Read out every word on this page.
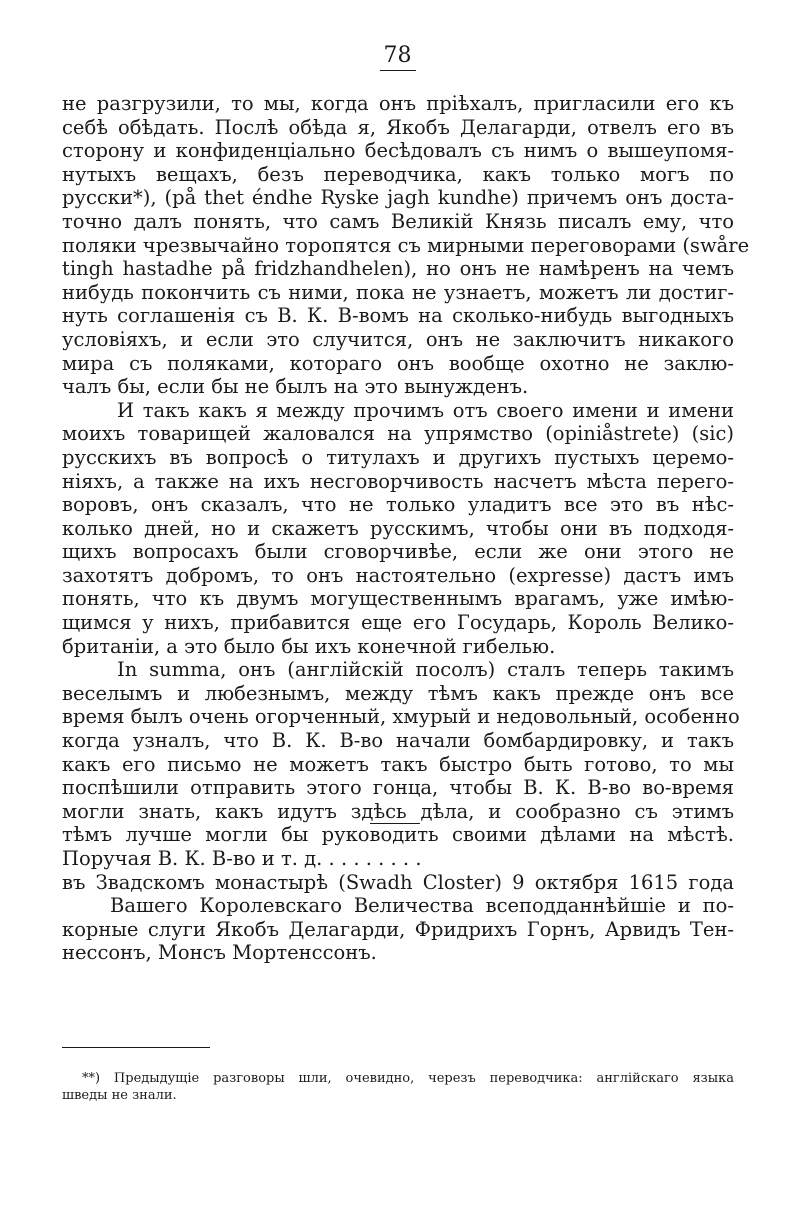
78
не разгрузили, то мы, когда онъ пріѣхалъ, пригласили его къ
себѣ обѣдать. Послѣ обѣда я, Якобъ Делагарди, отвелъ его въ
сторону и конфиденціально бесѣдовалъ съ нимъ о вышеупомя-
нутыхъ вещахъ, безъ переводчика, какъ только могъ по
русски*), (på thet éndhe Ryske jagh kundhe) причемъ онъ доста-
точно далъ понять, что самъ Великій Князь писалъ ему, что
поляки чрезвычайно торопятся съ мирными переговорами (swåre
tingh hastadhe på fridzhandhelen), но онъ не намѣренъ на чемъ
нибудь покончить съ ними, пока не узнаетъ, можетъ ли достиг-
нуть соглашенія съ В. К. В-вомъ на сколько-нибудь выгодныхъ
условіяхъ, и если это случится, онъ не заключитъ никакого
мира съ поляками, котораго онъ вообще охотно не заклю-
чалъ бы, если бы не былъ на это вынужденъ.
И такъ какъ я между прочимъ отъ своего имени и имени
моихъ товарищей жаловался на упрямство (opiniåstrete) (sic)
русскихъ въ вопросѣ о титулахъ и другихъ пустыхъ церемо-
ніяхъ, а также на ихъ несговорчивость насчетъ мѣста перего-
воровъ, онъ сказалъ, что не только уладитъ все это въ нѣс-
колько дней, но и скажетъ русскимъ, чтобы они въ подходя-
щихъ вопросахъ были сговорчивѣе, если же они этого не
захотятъ добромъ, то онъ настоятельно (expresse) дастъ имъ
понять, что къ двумъ могущественнымъ врагамъ, уже имѣю-
щимся у нихъ, прибавится еще его Государь, Король Велико-
британіи, а это было бы ихъ конечной гибелью.
In summa, онъ (англійскій посолъ) сталъ теперь такимъ
веселымъ и любезнымъ, между тѣмъ какъ прежде онъ все
время былъ очень огорченный, хмурый и недовольный, особенно
когда узналъ, что В. К. В-во начали бомбардировку, и такъ
какъ его письмо не можетъ такъ быстро быть готово, то мы
поспѣшили отправить этого гонца, чтобы В. К. В-во во-время
могли знать, какъ идутъ здѣсь дѣла, и сообразно съ этимъ
тѣмъ лучше могли бы руководить своими дѣлами на мѣстѣ.
Поручая В. К. В-во и т. д. . . . . . . . .
въ Звадскомъ монастырѣ (Swadh Closter) 9 октября 1615 года
Вашего Королевскаго Величества всеподданнѣйшіе и по-
корные слуги Якобъ Делагарди, Фридрихъ Горнъ, Арвидъ Тен-
нессонъ, Монсъ Мортенссонъ.
**) Предыдущіе разговоры шли, очевидно, черезъ переводчика: англійскаго языка
шведы не знали.
